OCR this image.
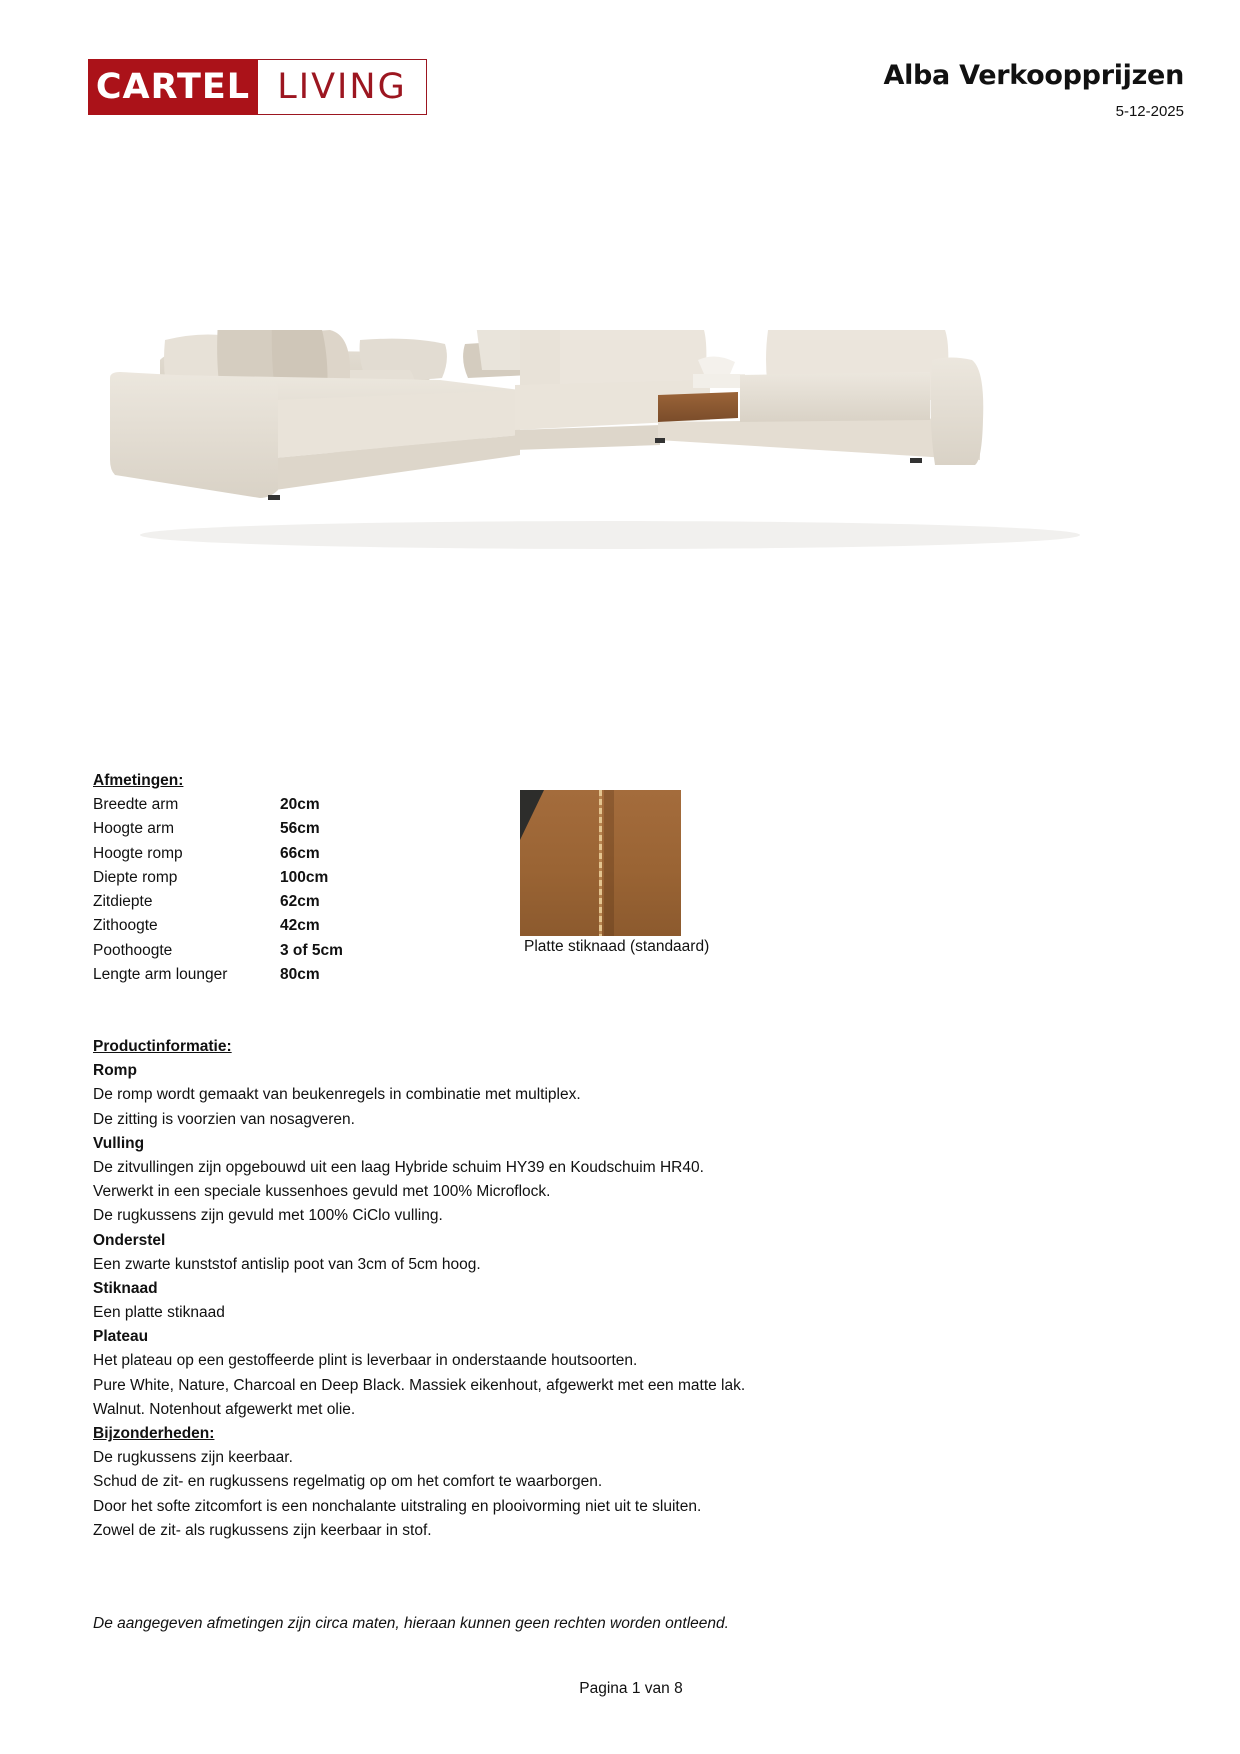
CARTEL LIVING	Alba Verkoopprijzen
5-12-2025
Afmetingen:
Breedte arm	20cm
Hoogte arm	56cm
Hoogte romp	66cm
Diepte romp	100cm
Zitdiepte	62cm
Zithoogte	42cm
Poothoogte	3 of 5cm
Lengte arm lounger	80cm
Platte stiknaad (standaard)
Productinformatie:
Romp
De romp wordt gemaakt van beukenregels in combinatie met multiplex.
De zitting is voorzien van nosagveren.
Vulling
De zitvullingen zijn opgebouwd uit een laag Hybride schuim HY39 en Koudschuim HR40.
Verwerkt in een speciale kussenhoes gevuld met 100% Microflock.
De rugkussens zijn gevuld met 100% CiClo vulling.
Onderstel
Een zwarte kunststof antislip poot van 3cm of 5cm hoog.
Stiknaad
Een platte stiknaad
Plateau
Het plateau op een gestoffeerde plint is leverbaar in onderstaande houtsoorten.
Pure White, Nature, Charcoal en Deep Black. Massiek eikenhout, afgewerkt met een matte lak.
Walnut. Notenhout afgewerkt met olie.
Bijzonderheden:
De rugkussens zijn keerbaar.
Schud de zit- en rugkussens regelmatig op om het comfort te waarborgen.
Door het softe zitcomfort is een nonchalante uitstraling en plooivorming niet uit te sluiten.
Zowel de zit- als rugkussens zijn keerbaar in stof.
De aangegeven afmetingen zijn circa maten, hieraan kunnen geen rechten worden ontleend.
Pagina 1 van 8
